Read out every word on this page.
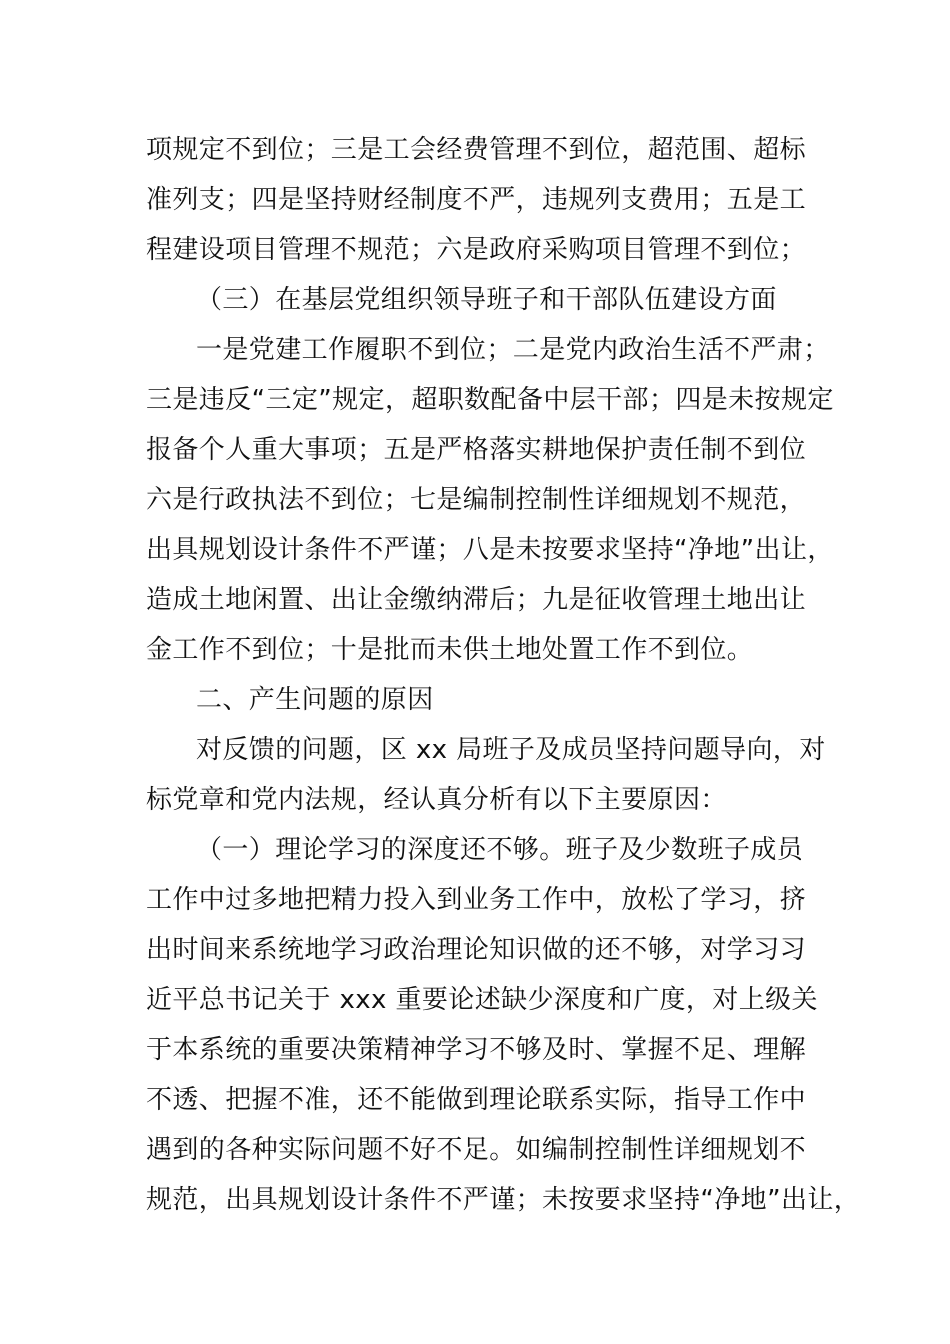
项规定不到位；三是工会经费管理不到位，超范围、超标
准列支；四是坚持财经制度不严，违规列支费用；五是工
程建设项目管理不规范；六是政府采购项目管理不到位；
（三）在基层党组织领导班子和干部队伍建设方面
一是党建工作履职不到位；二是党内政治生活不严肃；
三是违反“三定”规定，超职数配备中层干部；四是未按规定
报备个人重大事项；五是严格落实耕地保护责任制不到位
六是行政执法不到位；七是编制控制性详细规划不规范，
出具规划设计条件不严谨；八是未按要求坚持“净地”出让，
造成土地闲置、出让金缴纳滞后；九是征收管理土地出让
金工作不到位；十是批而未供土地处置工作不到位。
二、产生问题的原因
对反馈的问题，区 xx 局班子及成员坚持问题导向，对
标党章和党内法规，经认真分析有以下主要原因：
（一）理论学习的深度还不够。班子及少数班子成员
工作中过多地把精力投入到业务工作中，放松了学习，挤
出时间来系统地学习政治理论知识做的还不够，对学习习
近平总书记关于 xxx 重要论述缺少深度和广度，对上级关
于本系统的重要决策精神学习不够及时、掌握不足、理解
不透、把握不准，还不能做到理论联系实际，指导工作中
遇到的各种实际问题不好不足。如编制控制性详细规划不
规范，出具规划设计条件不严谨；未按要求坚持“净地”出让，
